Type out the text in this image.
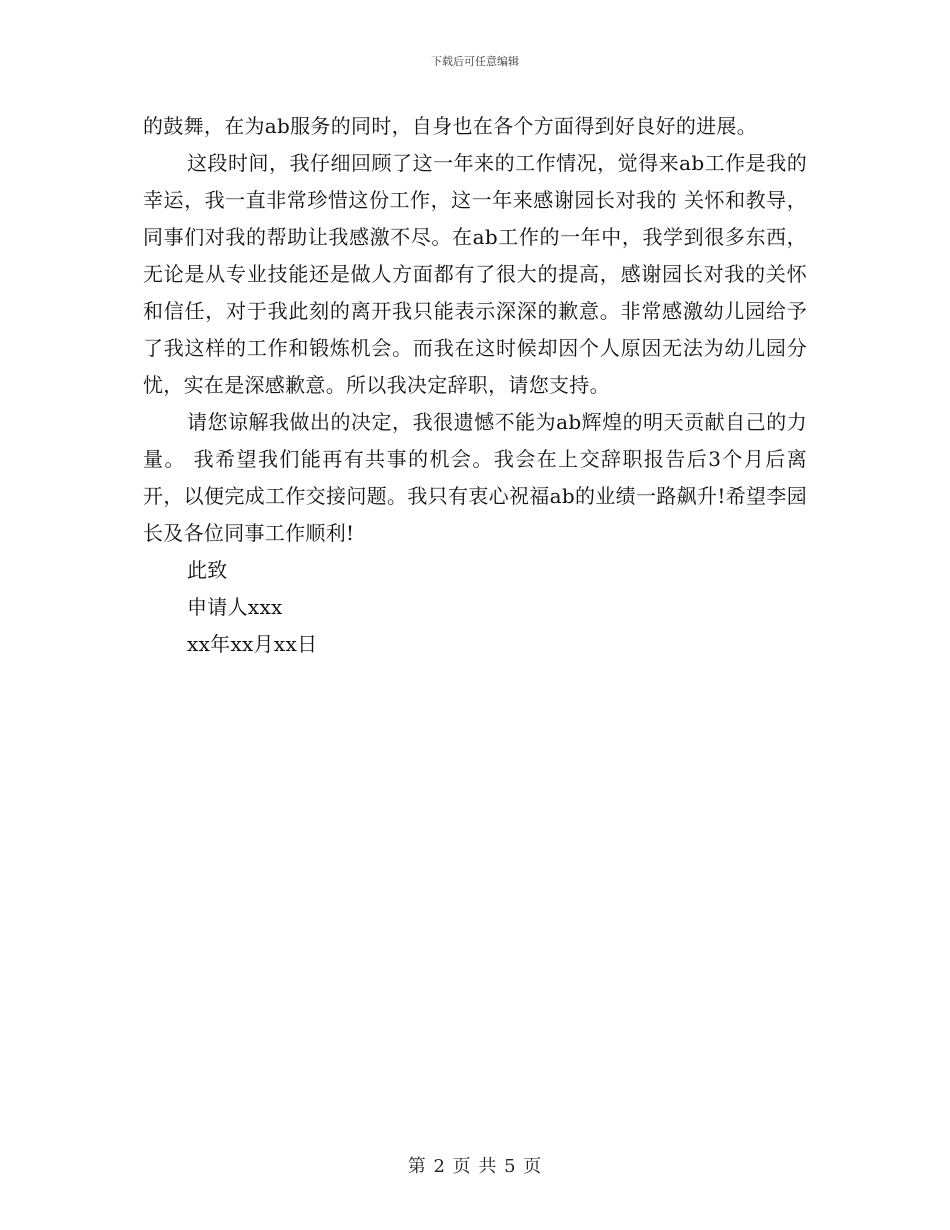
下载后可任意编辑

的鼓舞，在为ab服务的同时，自身也在各个方面得到好良好的进展。

这段时间，我仔细回顾了这一年来的工作情况，觉得来ab工作是我的幸运，我一直非常珍惜这份工作，这一年来感谢园长对我的 关怀和教导，同事们对我的帮助让我感激不尽。在ab工作的一年中，我学到很多东西，无论是从专业技能还是做人方面都有了很大的提高，感谢园长对我的关怀和信任，对于我此刻的离开我只能表示深深的歉意。非常感激幼儿园给予了我这样的工作和锻炼机会。而我在这时候却因个人原因无法为幼儿园分忧，实在是深感歉意。所以我决定辞职，请您支持。

请您谅解我做出的决定，我很遗憾不能为ab辉煌的明天贡献自己的力量。 我希望我们能再有共事的机会。我会在上交辞职报告后3个月后离开，以便完成工作交接问题。我只有衷心祝福ab的业绩一路飙升!希望李园长及各位同事工作顺利!

此致

申请人xxx

xx年xx月xx日

第 2 页 共 5 页
